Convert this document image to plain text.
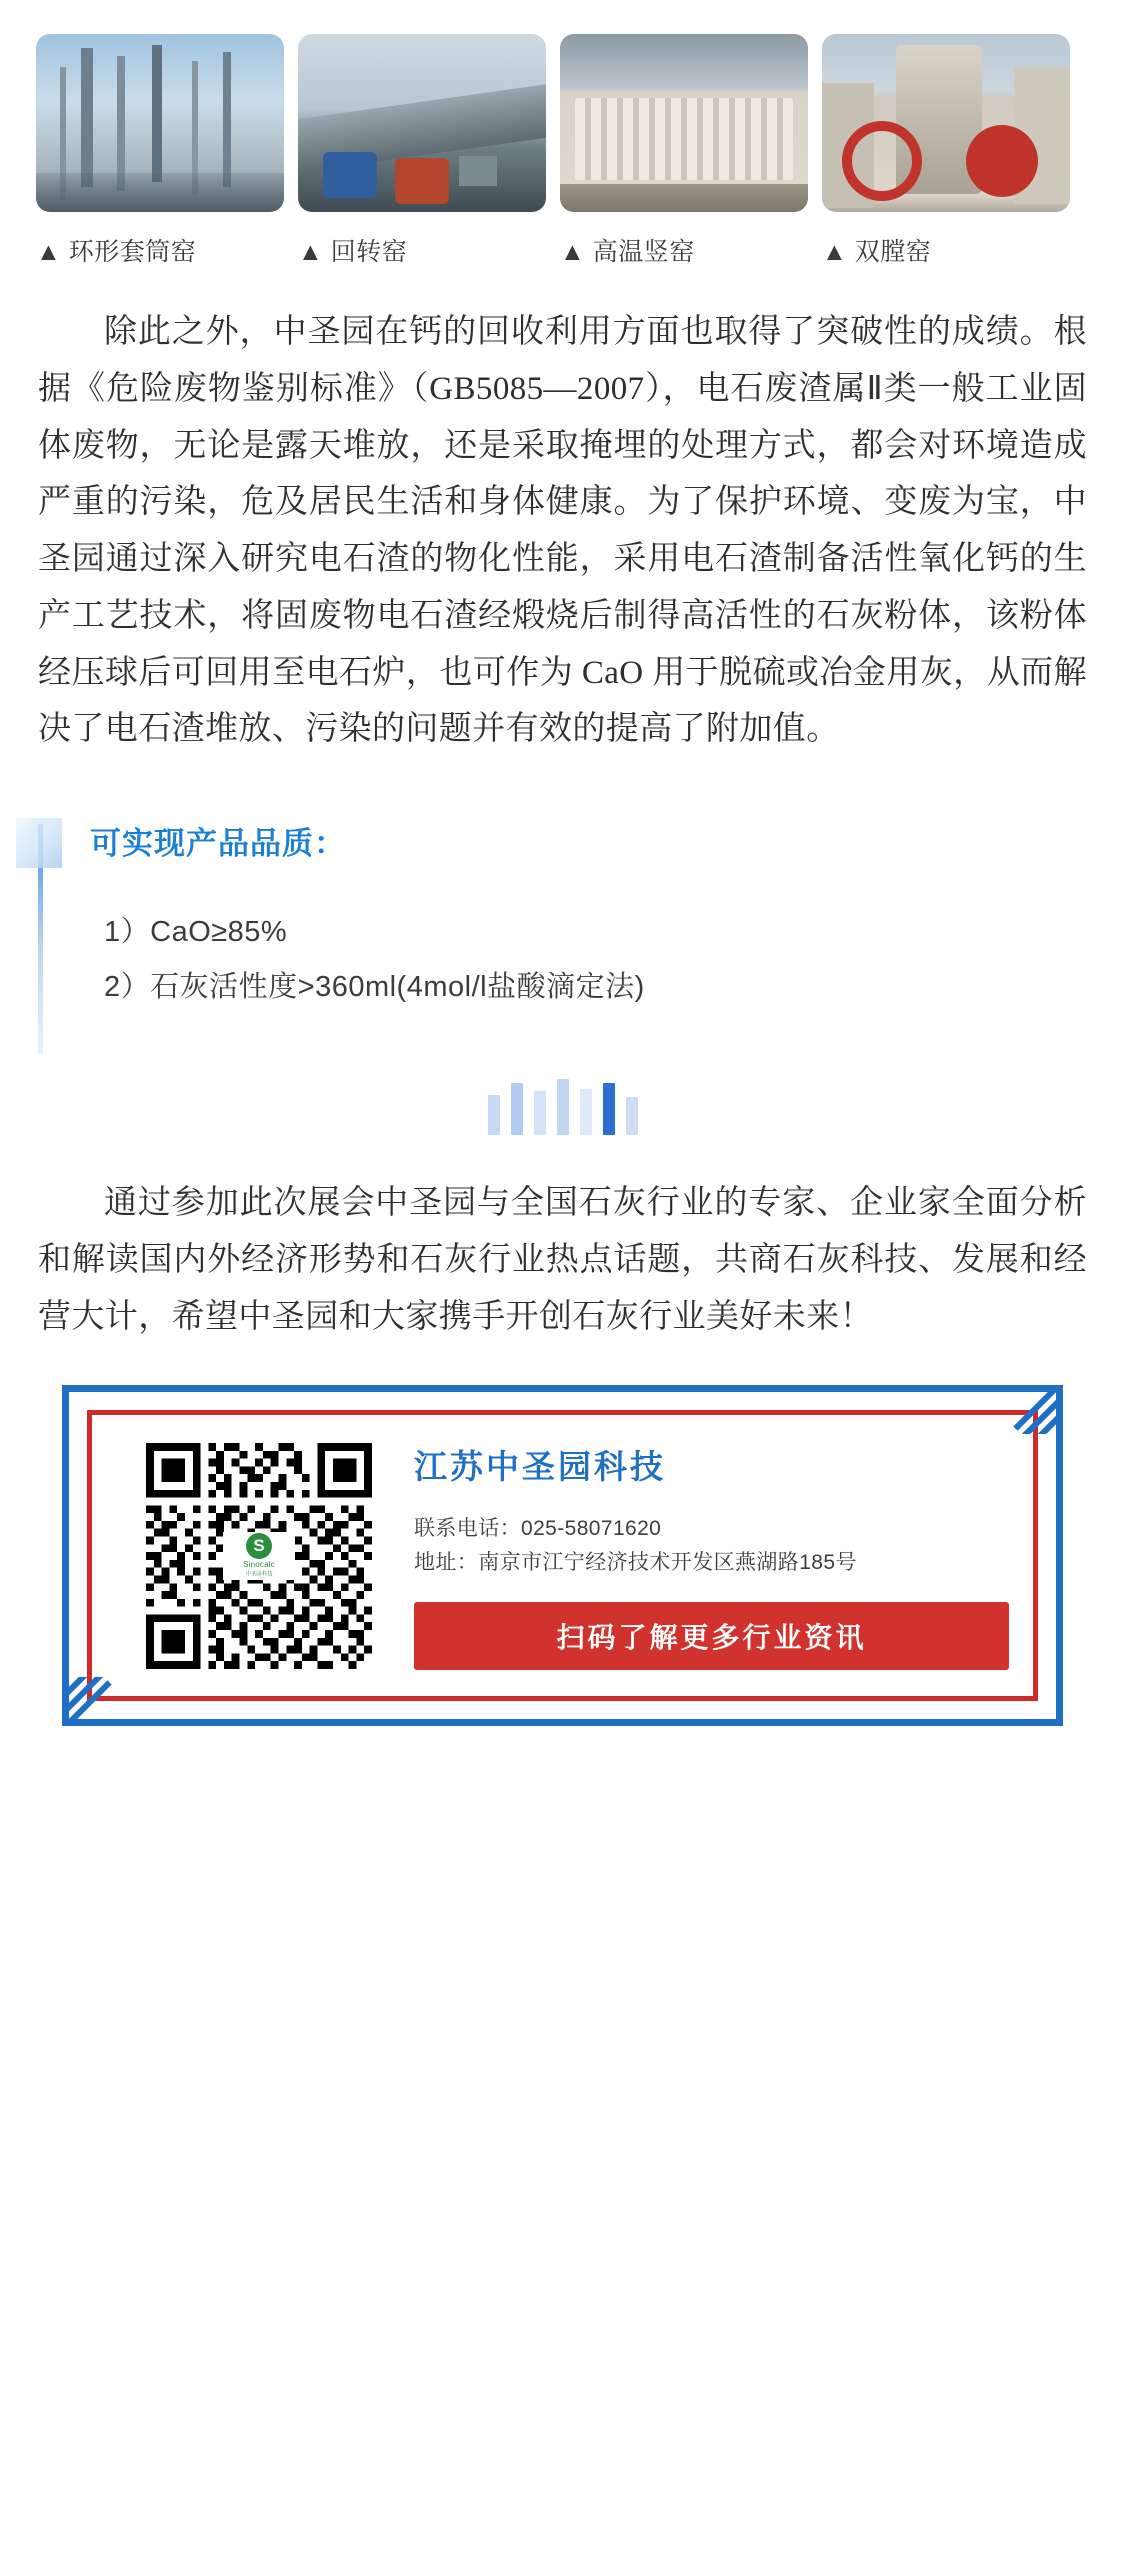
▲ 环形套筒窑	▲ 回转窑	▲ 高温竖窑	▲ 双膛窑

除此之外，中圣园在钙的回收利用方面也取得了突破性的成绩。根据《危险废物鉴别标准》（GB5085—2007），电石废渣属Ⅱ类一般工业固体废物，无论是露天堆放，还是采取掩埋的处理方式，都会对环境造成严重的污染，危及居民生活和身体健康。为了保护环境、变废为宝，中圣园通过深入研究电石渣的物化性能，采用电石渣制备活性氧化钙的生产工艺技术，将固废物电石渣经煅烧后制得高活性的石灰粉体，该粉体经压球后可回用至电石炉，也可作为 CaO 用于脱硫或冶金用灰，从而解决了电石渣堆放、污染的问题并有效的提高了附加值。

可实现产品品质：
1）CaO≥85%
2）石灰活性度>360ml(4mol/l盐酸滴定法)

通过参加此次展会中圣园与全国石灰行业的专家、企业家全面分析和解读国内外经济形势和石灰行业热点话题，共商石灰科技、发展和经营大计，希望中圣园和大家携手开创石灰行业美好未来！

S
Sinocalc
中圣园科技
江苏中圣园科技
联系电话：025-58071620
地址：南京市江宁经济技术开发区燕湖路185号
扫码了解更多行业资讯
